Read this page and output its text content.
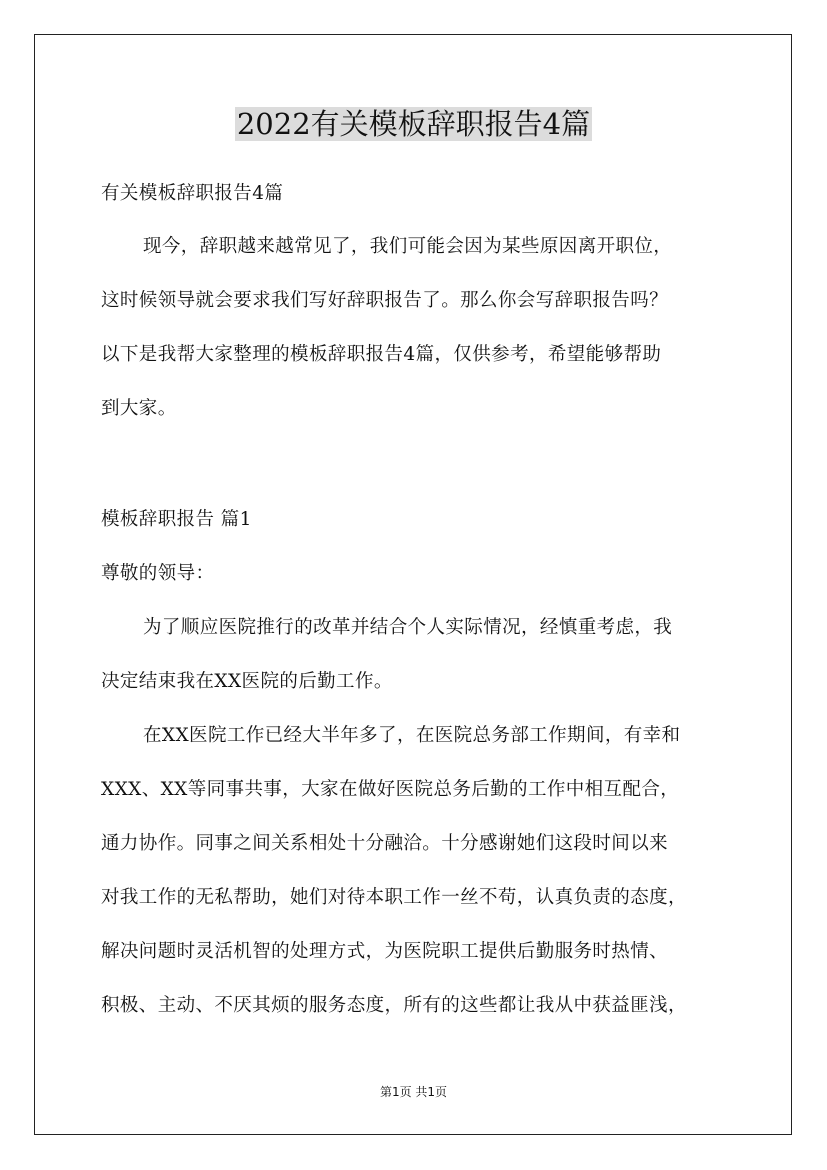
2022有关模板辞职报告4篇
有关模板辞职报告4篇
现今，辞职越来越常见了，我们可能会因为某些原因离开职位，
这时候领导就会要求我们写好辞职报告了。那么你会写辞职报告吗？
以下是我帮大家整理的模板辞职报告4篇，仅供参考，希望能够帮助
到大家。
模板辞职报告 篇1
尊敬的领导：
为了顺应医院推行的改革并结合个人实际情况，经慎重考虑，我
决定结束我在XX医院的后勤工作。
在XX医院工作已经大半年多了，在医院总务部工作期间，有幸和
XXX、XX等同事共事，大家在做好医院总务后勤的工作中相互配合，
通力协作。同事之间关系相处十分融洽。十分感谢她们这段时间以来
对我工作的无私帮助，她们对待本职工作一丝不苟，认真负责的态度，
解决问题时灵活机智的处理方式，为医院职工提供后勤服务时热情、
积极、主动、不厌其烦的服务态度，所有的这些都让我从中获益匪浅，
第1页 共1页
